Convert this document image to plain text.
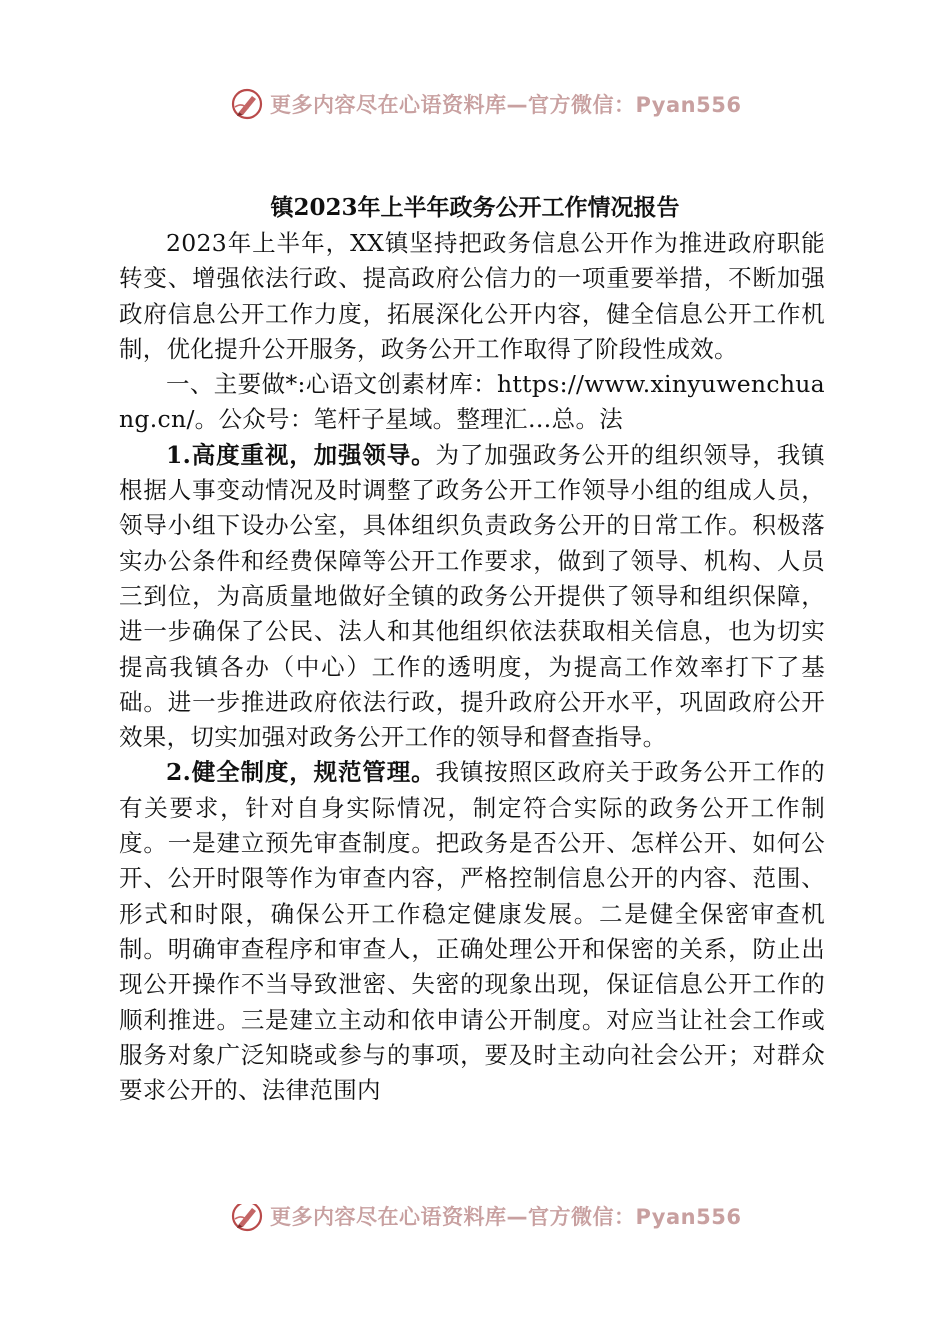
更多内容尽在心语资料库—官方微信：Pyan556
镇2023年上半年政务公开工作情况报告

2023年上半年，XX镇坚持把政务信息公开作为推进政府职能转变、增强依法行政、提高政府公信力的一项重要举措，不断加强政府信息公开工作力度，拓展深化公开内容，健全信息公开工作机制，优化提升公开服务，政务公开工作取得了阶段性成效。

一、主要做*:心语文创素材库：https://www.xinyuwenchuang.cn/。公众号：笔杆子星域。整理汇…总。法

1.高度重视，加强领导。为了加强政务公开的组织领导，我镇根据人事变动情况及时调整了政务公开工作领导小组的组成人员，领导小组下设办公室，具体组织负责政务公开的日常工作。积极落实办公条件和经费保障等公开工作要求，做到了领导、机构、人员三到位，为高质量地做好全镇的政务公开提供了领导和组织保障，进一步确保了公民、法人和其他组织依法获取相关信息，也为切实提高我镇各办（中心）工作的透明度，为提高工作效率打下了基础。进一步推进政府依法行政，提升政府公开水平，巩固政府公开效果，切实加强对政务公开工作的领导和督查指导。

2.健全制度，规范管理。我镇按照区政府关于政务公开工作的有关要求，针对自身实际情况，制定符合实际的政务公开工作制度。一是建立预先审查制度。把政务是否公开、怎样公开、如何公开、公开时限等作为审查内容，严格控制信息公开的内容、范围、形式和时限，确保公开工作稳定健康发展。二是健全保密审查机制。明确审查程序和审查人，正确处理公开和保密的关系，防止出现公开操作不当导致泄密、失密的现象出现，保证信息公开工作的顺利推进。三是建立主动和依申请公开制度。对应当让社会工作或服务对象广泛知晓或参与的事项，要及时主动向社会公开；对群众要求公开的、法律范围内

更多内容尽在心语资料库—官方微信：Pyan556
